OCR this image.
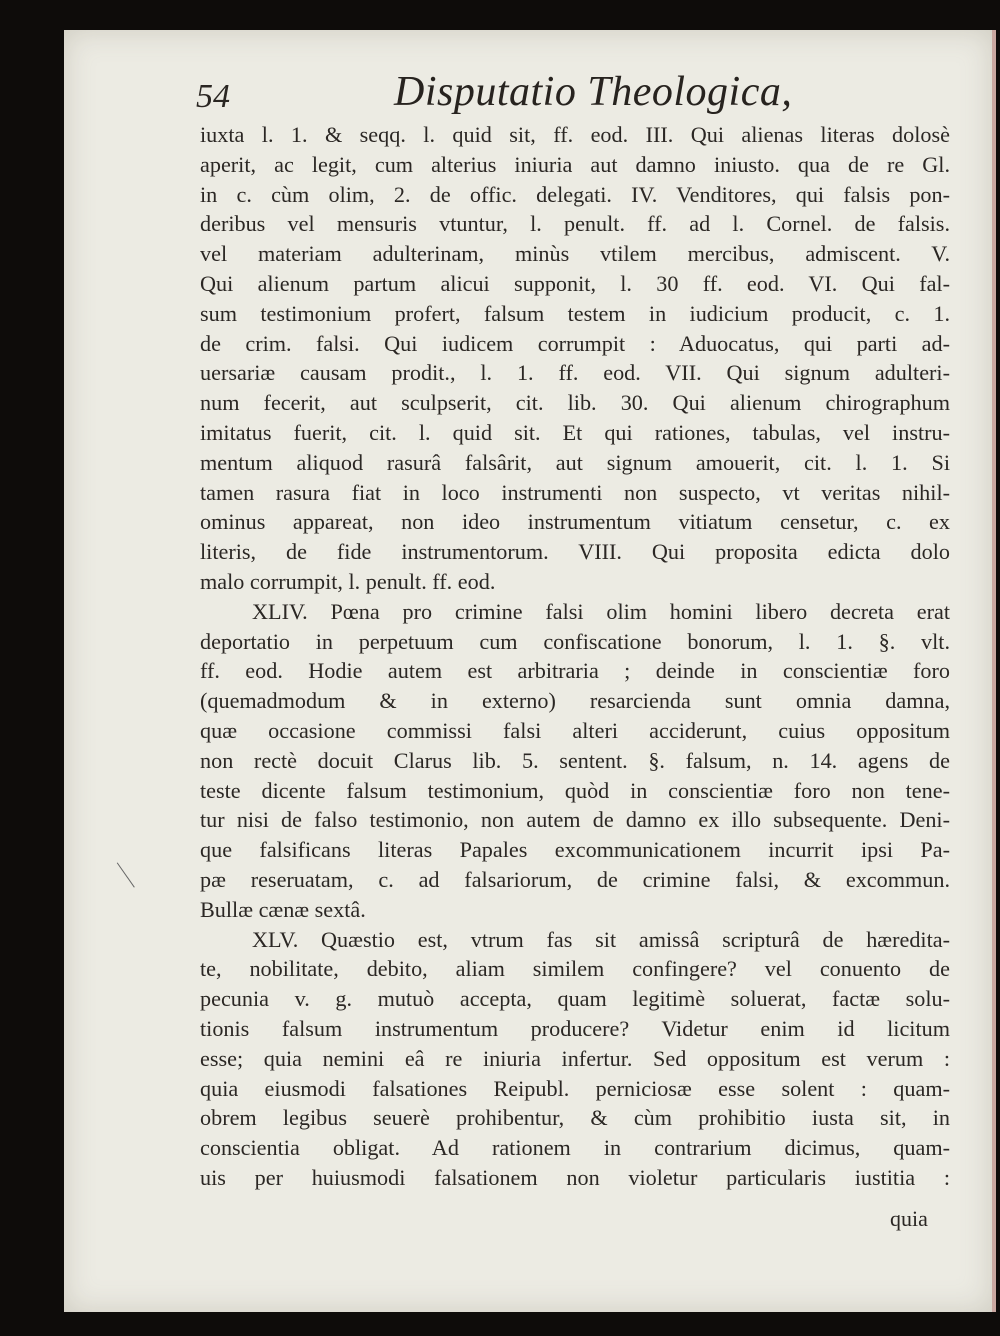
54	Disputatio Theologica,
iuxta l. 1. & seqq. l. quid sit, ff. eod. III. Qui alienas literas dolosè
aperit, ac legit, cum alterius iniuria aut damno iniusto. qua de re Gl.
in c. cùm olim, 2. de offic. delegati. IV. Venditores, qui falsis pon-
deribus vel mensuris vtuntur, l. penult. ff. ad l. Cornel. de falsis.
vel materiam adulterinam, minùs vtilem mercibus, admiscent. V.
Qui alienum partum alicui supponit, l. 30 ff. eod. VI. Qui fal-
sum testimonium profert, falsum testem in iudicium producit, c. 1.
de crim. falsi. Qui iudicem corrumpit : Aduocatus, qui parti ad-
uersariæ causam prodit., l. 1. ff. eod. VII. Qui signum adulteri-
num fecerit, aut sculpserit, cit. lib. 30. Qui alienum chirographum
imitatus fuerit, cit. l. quid sit. Et qui rationes, tabulas, vel instru-
mentum aliquod rasurâ falsârit, aut signum amouerit, cit. l. 1. Si
tamen rasura fiat in loco instrumenti non suspecto, vt veritas nihil-
ominus appareat, non ideo instrumentum vitiatum censetur, c. ex
literis, de fide instrumentorum. VIII. Qui proposita edicta dolo
malo corrumpit, l. penult. ff. eod.
XLIV. Pœna pro crimine falsi olim homini libero decreta erat
deportatio in perpetuum cum confiscatione bonorum, l. 1. §. vlt.
ff. eod. Hodie autem est arbitraria ; deinde in conscientiæ foro
(quemadmodum & in externo) resarcienda sunt omnia damna,
quæ occasione commissi falsi alteri acciderunt, cuius oppositum
non rectè docuit Clarus lib. 5. sentent. §. falsum, n. 14. agens de
teste dicente falsum testimonium, quòd in conscientiæ foro non tene-
tur nisi de falso testimonio, non autem de damno ex illo subsequente. Deni-
que falsificans literas Papales excommunicationem incurrit ipsi Pa-
pæ reseruatam, c. ad falsariorum, de crimine falsi, & excommun.
Bullæ cænæ sextâ.
XLV. Quæstio est, vtrum fas sit amissâ scripturâ de hæredita-
te, nobilitate, debito, aliam similem confingere? vel conuento de
pecunia v. g. mutuò accepta, quam legitimè soluerat, factæ solu-
tionis falsum instrumentum producere? Videtur enim id licitum
esse; quia nemini eâ re iniuria infertur. Sed oppositum est verum :
quia eiusmodi falsationes Reipubl. perniciosæ esse solent : quam-
obrem legibus seuerè prohibentur, & cùm prohibitio iusta sit, in
conscientia obligat. Ad rationem in contrarium dicimus, quam-
uis per huiusmodi falsationem non violetur particularis iustitia :
quia
